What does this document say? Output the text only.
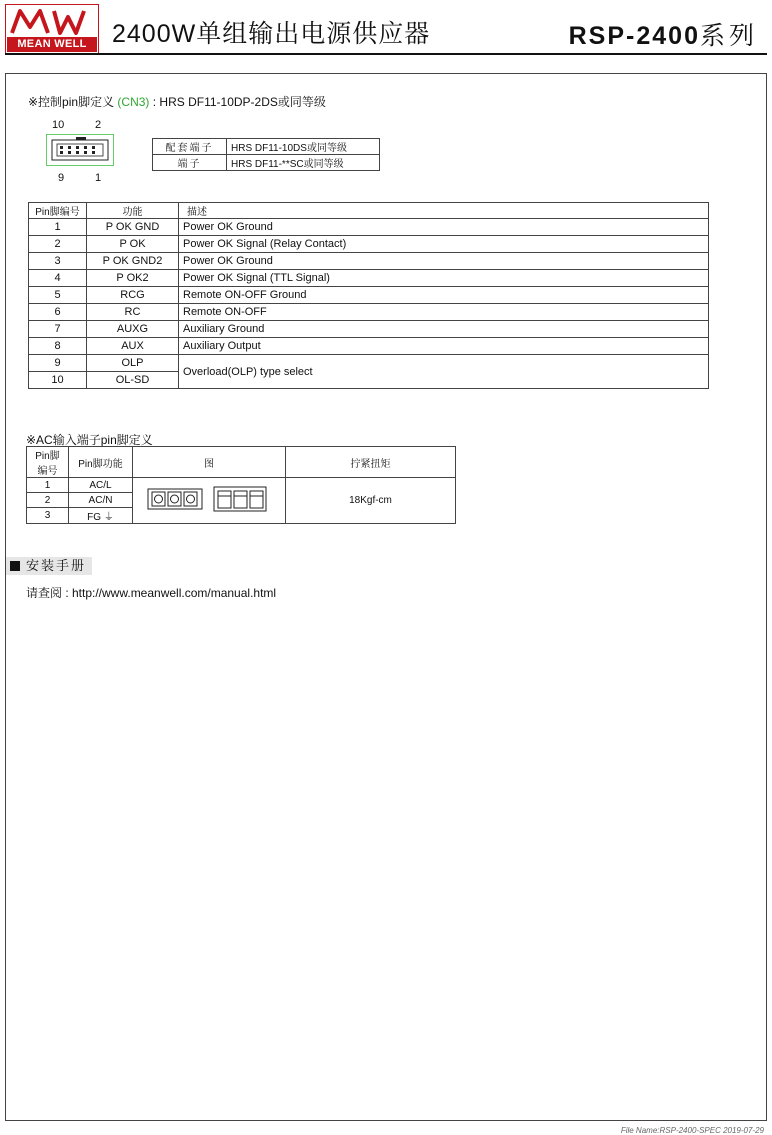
MEAN WELL	2400W单组输出电源供应器	RSP-2400系列
※控制pin脚定义 (CN3) : HRS DF11-10DP-2DS或同等级
10	2
9	1
配套端子	HRS DF11-10DS或同等级
端子	HRS DF11-**SC或同等级
Pin脚编号	功能	描述
1	P OK GND	Power OK Ground
2	P OK	Power OK Signal (Relay Contact)
3	P OK GND2	Power OK Ground
4	P OK2	Power OK Signal (TTL Signal)
5	RCG	Remote ON-OFF Ground
6	RC	Remote ON-OFF
7	AUXG	Auxiliary Ground
8	AUX	Auxiliary Output
9	OLP	Overload(OLP) type select
10	OL-SD	
※AC输入端子pin脚定义
Pin脚编号	Pin脚功能	图	拧紧扭矩
1	AC/L		18Kgf-cm
2	AC/N		
3	FG ⏚		
安装手册
请查阅 : http://www.meanwell.com/manual.html
File Name:RSP-2400-SPEC 2019-07-29
